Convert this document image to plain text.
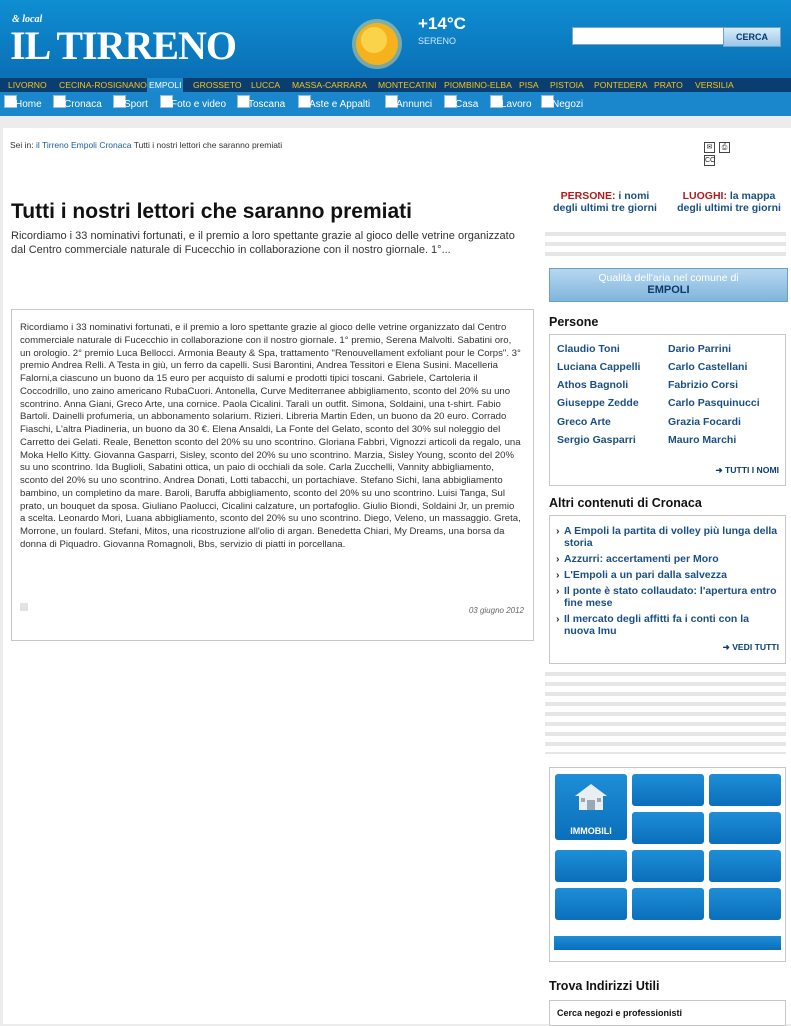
& local
IL TIRRENO	+14°C
SERENO	CERCA
LIVORNO CECINA-ROSIGNANO EMPOLI GROSSETO LUCCA MASSA-CARRARA MONTECATINI PIOMBINO-ELBA PISA PISTOIA PONTEDERA PRATO VERSILIA
Home Cronaca Sport Foto e video Toscana Aste e Appalti	Annunci Casa Lavoro Negozi
Sei in: il Tirreno Empoli Cronaca Tutti i nostri lettori che saranno premiati	✉ ⎙CC
Tutti i nostri lettori che saranno premiati
Ricordiamo i 33 nominativi fortunati, e il premio a loro spettante grazie al gioco delle vetrine organizzato dal Centro commerciale naturale di Fucecchio in collaborazione con il nostro giornale. 1°...
Ricordiamo i 33 nominativi fortunati, e il premio a loro spettante grazie al gioco delle vetrine organizzato dal Centro commerciale naturale di Fucecchio in collaborazione con il nostro giornale. 1° premio, Serena Malvolti. Sabatini oro, un orologio. 2° premio Luca Bellocci. Armonia Beauty & Spa, trattamento "Renouvellament exfoliant pour le Corps". 3° premio Andrea Relli. A Testa in giù, un ferro da capelli. Susi Barontini, Andrea Tessitori e Elena Susini. Macelleria Falorni,a ciascuno un buono da 15 euro per acquisto di salumi e prodotti tipici toscani. Gabriele, Cartoleria il Coccodrillo, uno zaino americano RubaCuori. Antonella, Curve Mediterranee abbigliamento, sconto del 20% su uno scontrino. Anna Giani, Greco Arte, una cornice. Paola Cicalini. Taralì un outfit. Simona, Soldaini, una t-shirt. Fabio Bartoli. Dainelli profumeria, un abbonamento solarium. Rizieri. Libreria Martin Eden, un buono da 20 euro. Corrado Fiaschi, L'altra Piadineria, un buono da 30 €. Elena Ansaldi, La Fonte del Gelato, sconto del 30% sul noleggio del Carretto dei Gelati. Reale, Benetton sconto del 20% su uno scontrino. Gloriana Fabbri, Vignozzi articoli da regalo, una Moka Hello Kitty. Giovanna Gasparri, Sisley, sconto del 20% su uno scontrino. Marzia, Sisley Young, sconto del 20% su uno scontrino. Ida Buglioli, Sabatini ottica, un paio di occhiali da sole. Carla Zucchelli, Vannity abbigliamento, sconto del 20% su uno scontrino. Andrea Donati, Lotti tabacchi, un portachiave. Stefano Sichi, lana abbigliamento bambino, un completino da mare. Baroli, Baruffa abbigliamento, sconto del 20% su uno scontrino. Luisi Tanga, Sul prato, un bouquet da sposa. Giuliano Paolucci, Cicalini calzature, un portafoglio. Giulio Biondi, Soldaini Jr, un premio a scelta. Leonardo Mori, Luana abbigliamento, sconto del 20% su uno scontrino. Diego, Veleno, un massaggio. Greta, Morrone, un foulard. Stefani, Mitos, una ricostruzione all'olio di argan. Benedetta Chiari, My Dreams, una borsa da donna di Piquadro. Giovanna Romagnoli, Bbs, servizio di piatti in porcellana.
03 giugno 2012
PERSONE: i nomi degli ultimi tre giorni
LUOGHI: la mappa degli ultimi tre giorni
Qualità dell'aria nel comune di
EMPOLI
Persone
Claudio Toni	Dario Parrini
Luciana Cappelli	Carlo Castellani
Athos Bagnoli	Fabrizio Corsi
Giuseppe Zedde	Carlo Pasquinucci
Greco Arte	Grazia Focardi
Sergio Gasparri	Mauro Marchi
➜ TUTTI I NOMI
Altri contenuti di Cronaca
› A Empoli la partita di volley più lunga della storia
› Azzurri: accertamenti per Moro
› L'Empoli a un pari dalla salvezza
› Il ponte è stato collaudato: l'apertura entro fine mese
› Il mercato degli affitti fa i conti con la nuova Imu
➜ VEDI TUTTI
IMMOBILI
Trova Indirizzi Utili
Cerca negozi e professionisti
